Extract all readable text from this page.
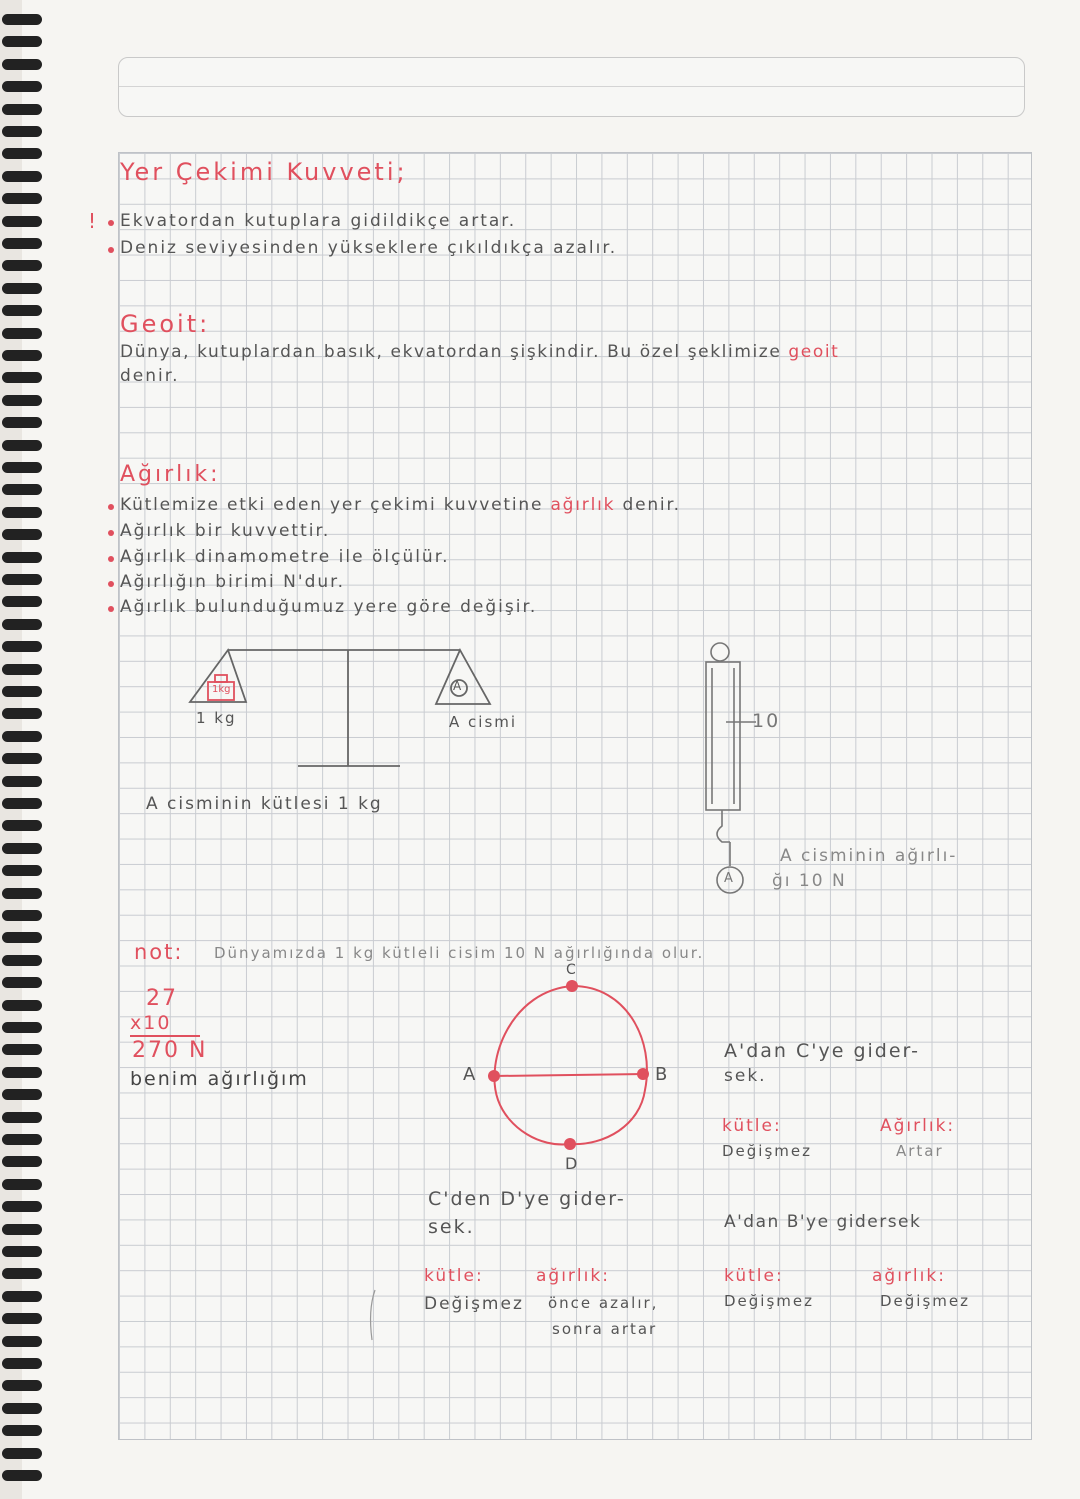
Yer Çekimi Kuvveti;
! Ekvatordan kutuplara gidildikçe artar.
Deniz seviyesinden yükseklere çıkıldıkça azalır.
Geoit:
Dünya, kutuplardan basık, ekvatordan şişkindir. Bu özel şeklimize geoit
denir.
Ağırlık:
Kütlemize etki eden yer çekimi kuvvetine ağırlık denir.
Ağırlık bir kuvvettir.
Ağırlık dinamometre ile ölçülür.
Ağırlığın birimi N'dur.
Ağırlık bulunduğumuz yere göre değişir.
1kg
1 kg
A
A cismi
A cisminin kütlesi 1 kg
10
A
A cisminin ağırlı-
ğı 10 N
not: Dünyamızda 1 kg kütleli cisim 10 N ağırlığında olur.
27
x10
270 N
benim ağırlığım
C
A	B
D
C'den D'ye gider-
sek.
kütle:
Değişmez
ağırlık:
önce azalır,
sonra artar
A'dan C'ye gider-
sek.
kütle:
Değişmez
Ağırlık:
Artar
A'dan B'ye gidersek
kütle:
Değişmez
ağırlık:
Değişmez
